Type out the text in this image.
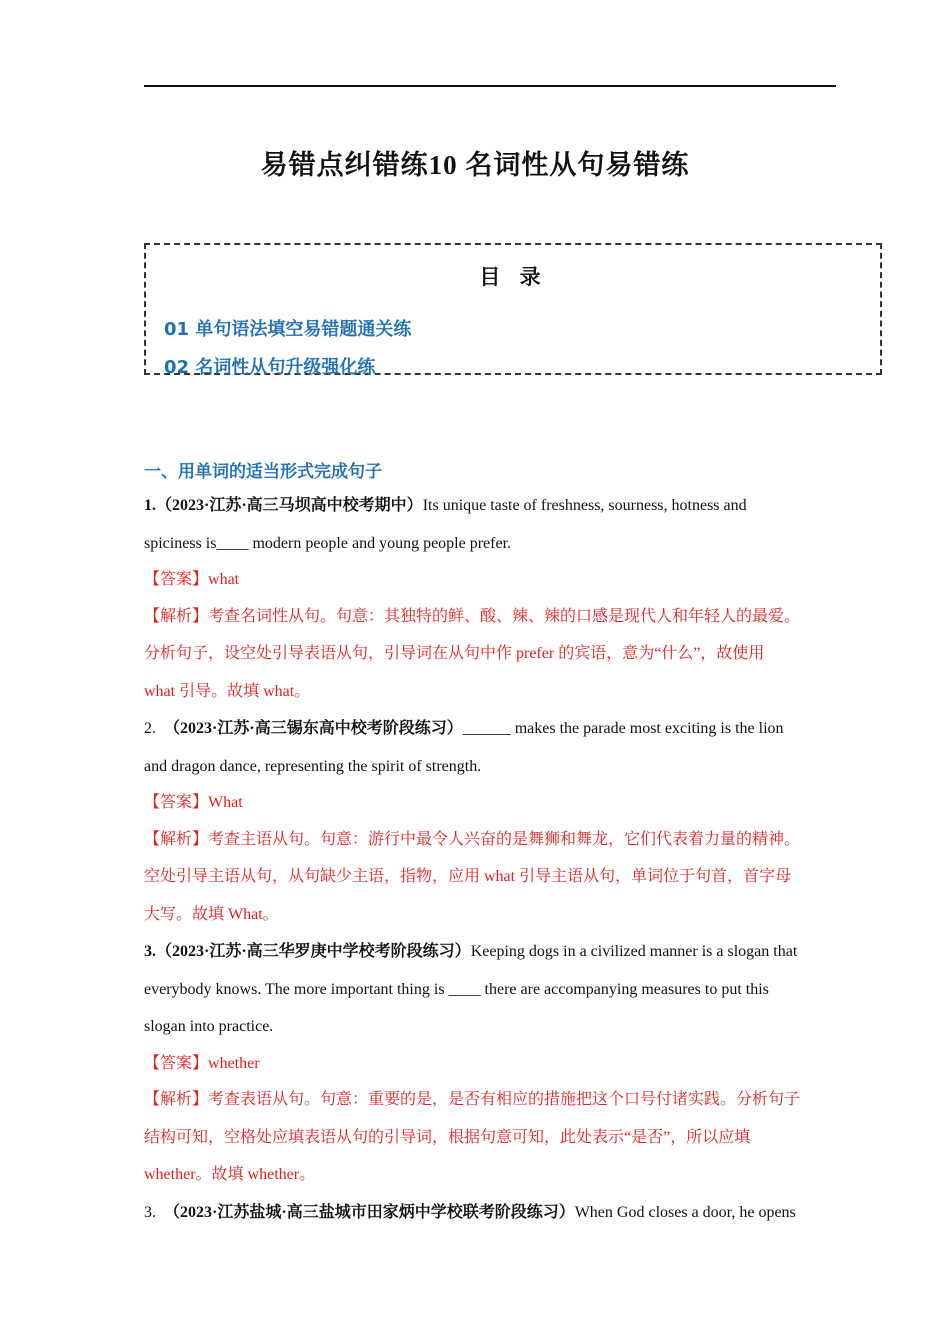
易错点纠错练10 名词性从句易错练
目 录
01 单句语法填空易错题通关练
02 名词性从句升级强化练
一、用单词的适当形式完成句子
1.（2023·江苏·高三马坝高中校考期中）Its unique taste of freshness, sourness, hotness and
spiciness is____ modern people and young people prefer.
【答案】what
【解析】考查名词性从句。句意：其独特的鲜、酸、辣、辣的口感是现代人和年轻人的最爱。
分析句子，设空处引导表语从句，引导词在从句中作 prefer 的宾语，意为“什么”，故使用
what 引导。故填 what。
2.　（2023·江苏·高三锡东高中校考阶段练习）______ makes the parade most exciting is the lion
and dragon dance, representing the spirit of strength.
【答案】What
【解析】考查主语从句。句意：游行中最令人兴奋的是舞狮和舞龙，它们代表着力量的精神。
空处引导主语从句，从句缺少主语，指物，应用 what 引导主语从句，单词位于句首，首字母
大写。故填 What。
3.（2023·江苏·高三华罗庚中学校考阶段练习）Keeping dogs in a civilized manner is a slogan that
everybody knows. The more important thing is ____ there are accompanying measures to put this
slogan into practice.
【答案】whether
【解析】考查表语从句。句意：重要的是，是否有相应的措施把这个口号付诸实践。分析句子
结构可知，空格处应填表语从句的引导词，根据句意可知，此处表示“是否”，所以应填
whether。故填 whether。
3.　（2023·江苏盐城·高三盐城市田家炳中学校联考阶段练习）When God closes a door, he opens
